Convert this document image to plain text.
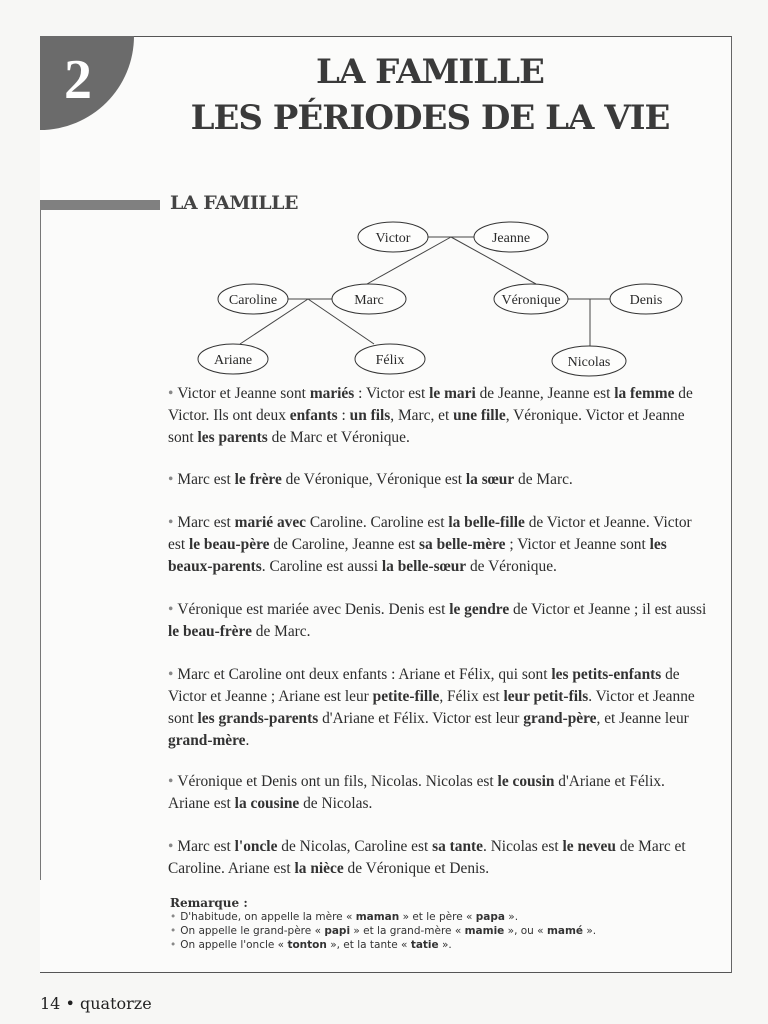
2	LA FAMILLE
LES PÉRIODES DE LA VIE
LA FAMILLE
Victor	Jeanne
Caroline	Marc	Véronique	Denis
Ariane	Félix	Nicolas
• Victor et Jeanne sont mariés : Victor est le mari de Jeanne, Jeanne est la femme de Victor. Ils ont deux enfants : un fils, Marc, et une fille, Véronique. Victor et Jeanne sont les parents de Marc et Véronique.
• Marc est le frère de Véronique, Véronique est la sœur de Marc.
• Marc est marié avec Caroline. Caroline est la belle-fille de Victor et Jeanne. Victor est le beau-père de Caroline, Jeanne est sa belle-mère ; Victor et Jeanne sont les beaux-parents. Caroline est aussi la belle-sœur de Véronique.
• Véronique est mariée avec Denis. Denis est le gendre de Victor et Jeanne ; il est aussi le beau-frère de Marc.
• Marc et Caroline ont deux enfants : Ariane et Félix, qui sont les petits-enfants de Victor et Jeanne ; Ariane est leur petite-fille, Félix est leur petit-fils. Victor et Jeanne sont les grands-parents d'Ariane et Félix. Victor est leur grand-père, et Jeanne leur grand-mère.
• Véronique et Denis ont un fils, Nicolas. Nicolas est le cousin d'Ariane et Félix. Ariane est la cousine de Nicolas.
• Marc est l'oncle de Nicolas, Caroline est sa tante. Nicolas est le neveu de Marc et Caroline. Ariane est la nièce de Véronique et Denis.
Remarque :
• D'habitude, on appelle la mère « maman » et le père « papa ».
• On appelle le grand-père « papi » et la grand-mère « mamie », ou « mamé ».
• On appelle l'oncle « tonton », et la tante « tatie ».
14 • quatorze
